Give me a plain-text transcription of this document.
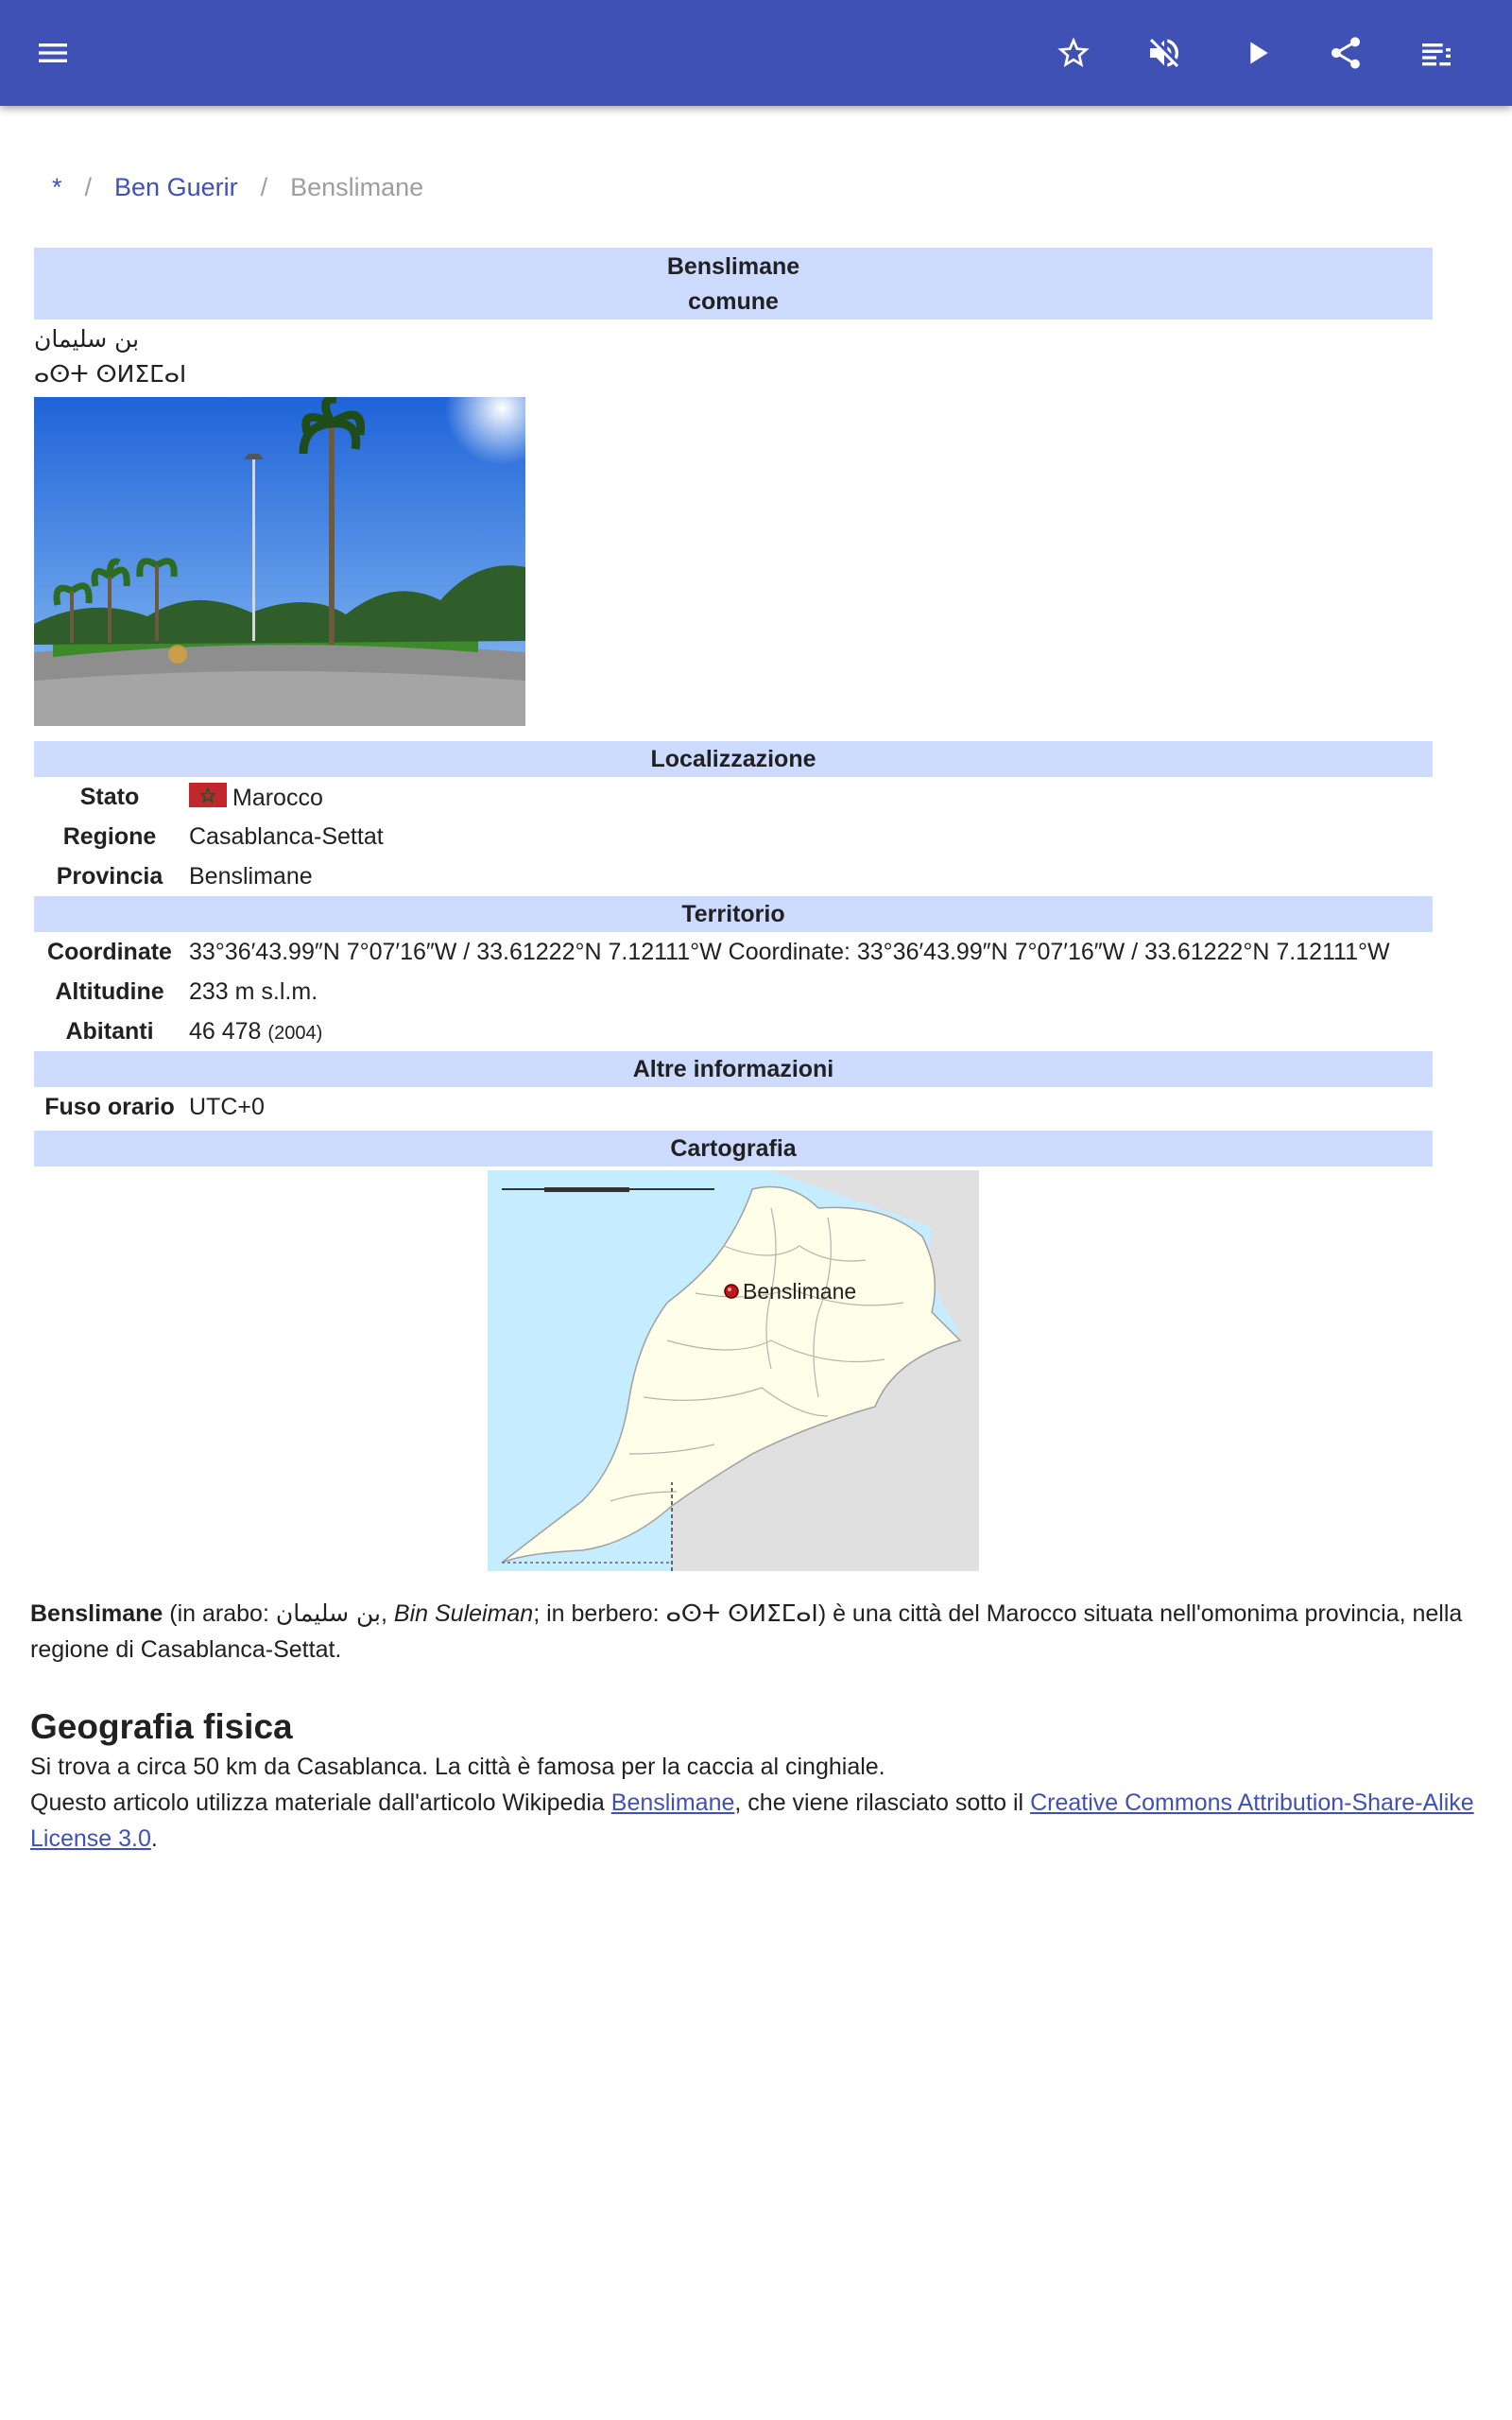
* / Ben Guerir / Benslimane
Benslimane
comune
بن سليمان
ⴰⵙⵜ ⵙⵍⵉⵎⴰⵏ
Localizzazione
Stato	Marocco
Regione	Casablanca-Settat
Provincia	Benslimane
Territorio
Coordinate 33°36′43.99″N 7°07′16″W / 33.61222°N 7.12111°W Coordinate: 33°36′43.99″N 7°07′16″W / 33.61222°N 7.12111°W
Altitudine	233 m s.l.m.
Abitanti	46 478 (2004)
Altre informazioni
Fuso orario UTC+0
Cartografia
Benslimane

Benslimane (in arabo: بن سليمان, Bin Suleiman; in berbero: ⴰⵙⵜ ⵙⵍⵉⵎⴰⵏ) è una città del Marocco situata nell'omonima provincia, nella regione di Casablanca-Settat.

Geografia fisica

Si trova a circa 50 km da Casablanca. La città è famosa per la caccia al cinghiale.

Questo articolo utilizza materiale dall'articolo Wikipedia Benslimane, che viene rilasciato sotto il Creative Commons Attribution-Share-Alike License 3.0.
